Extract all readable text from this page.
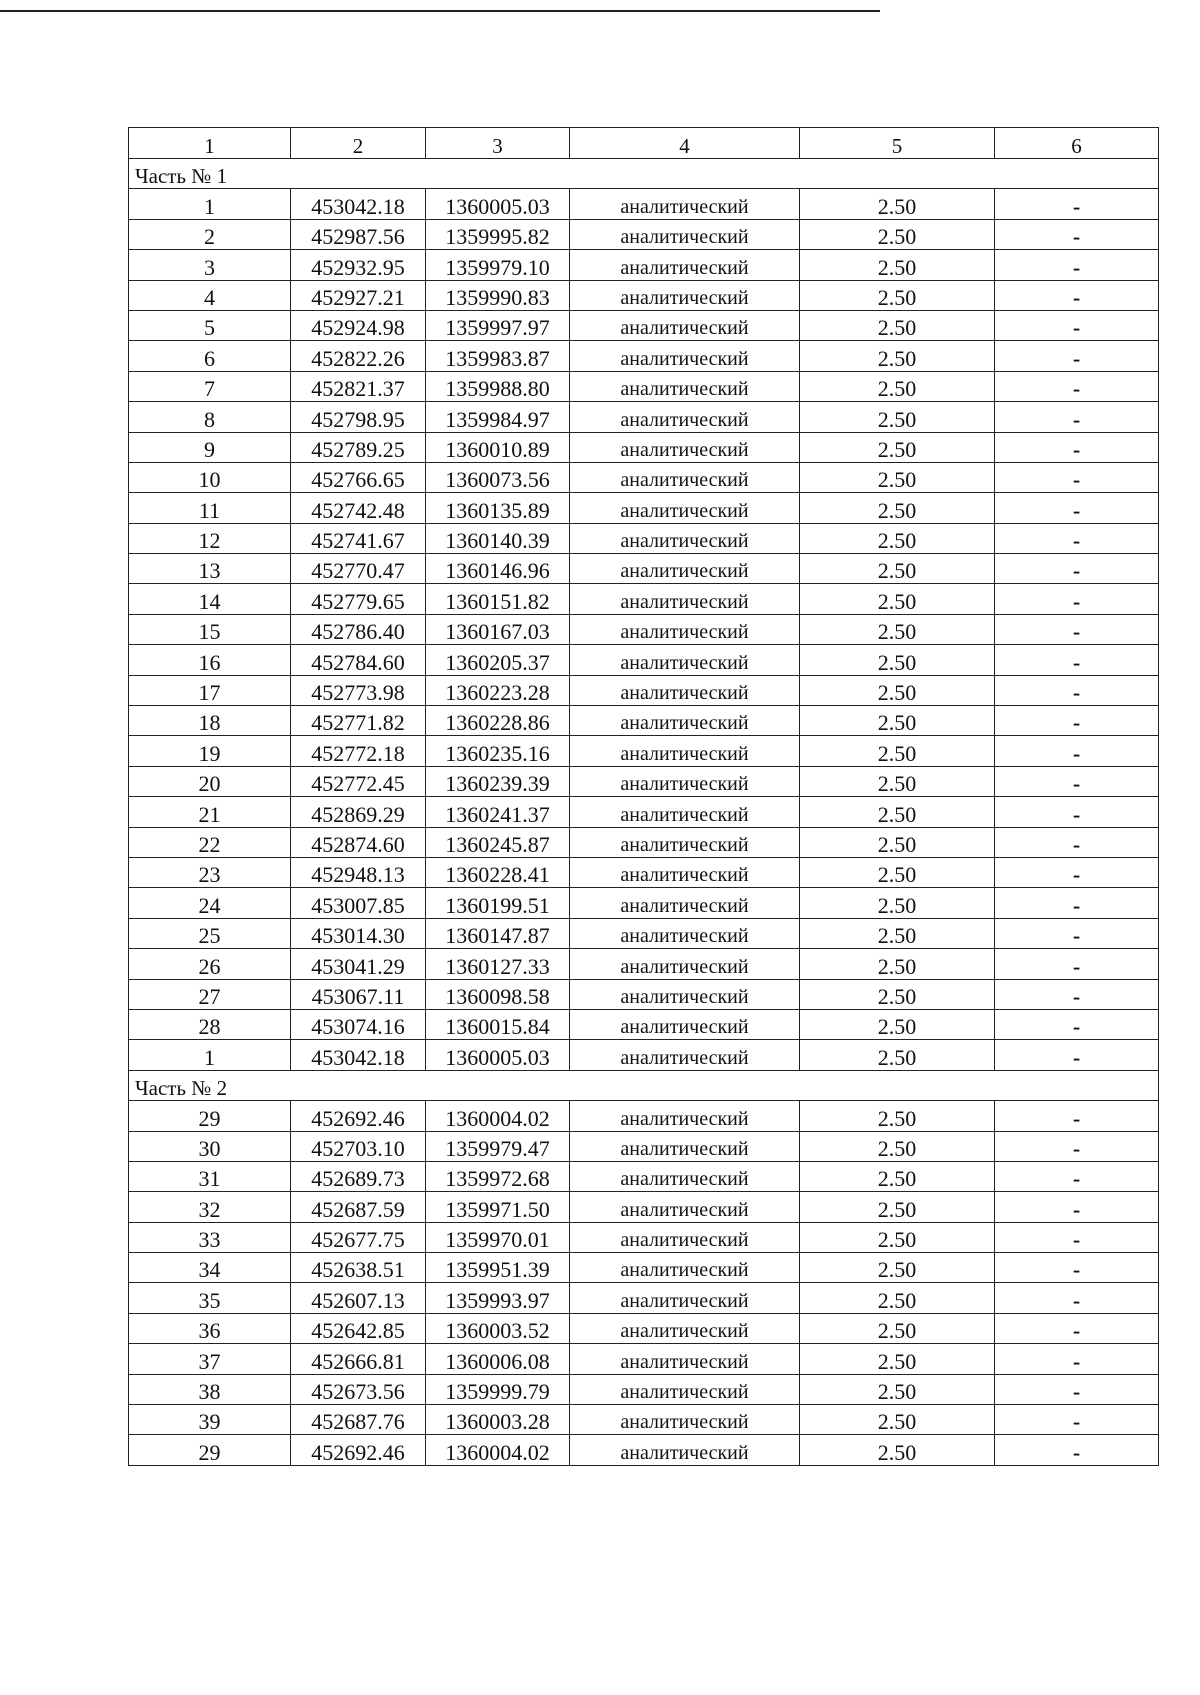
1	2	3	4	5	6
Часть № 1					
1	453042.18	1360005.03	аналитический	2.50	-
2	452987.56	1359995.82	аналитический	2.50	-
3	452932.95	1359979.10	аналитический	2.50	-
4	452927.21	1359990.83	аналитический	2.50	-
5	452924.98	1359997.97	аналитический	2.50	-
6	452822.26	1359983.87	аналитический	2.50	-
7	452821.37	1359988.80	аналитический	2.50	-
8	452798.95	1359984.97	аналитический	2.50	-
9	452789.25	1360010.89	аналитический	2.50	-
10	452766.65	1360073.56	аналитический	2.50	-
11	452742.48	1360135.89	аналитический	2.50	-
12	452741.67	1360140.39	аналитический	2.50	-
13	452770.47	1360146.96	аналитический	2.50	-
14	452779.65	1360151.82	аналитический	2.50	-
15	452786.40	1360167.03	аналитический	2.50	-
16	452784.60	1360205.37	аналитический	2.50	-
17	452773.98	1360223.28	аналитический	2.50	-
18	452771.82	1360228.86	аналитический	2.50	-
19	452772.18	1360235.16	аналитический	2.50	-
20	452772.45	1360239.39	аналитический	2.50	-
21	452869.29	1360241.37	аналитический	2.50	-
22	452874.60	1360245.87	аналитический	2.50	-
23	452948.13	1360228.41	аналитический	2.50	-
24	453007.85	1360199.51	аналитический	2.50	-
25	453014.30	1360147.87	аналитический	2.50	-
26	453041.29	1360127.33	аналитический	2.50	-
27	453067.11	1360098.58	аналитический	2.50	-
28	453074.16	1360015.84	аналитический	2.50	-
1	453042.18	1360005.03	аналитический	2.50	-
Часть № 2					
29	452692.46	1360004.02	аналитический	2.50	-
30	452703.10	1359979.47	аналитический	2.50	-
31	452689.73	1359972.68	аналитический	2.50	-
32	452687.59	1359971.50	аналитический	2.50	-
33	452677.75	1359970.01	аналитический	2.50	-
34	452638.51	1359951.39	аналитический	2.50	-
35	452607.13	1359993.97	аналитический	2.50	-
36	452642.85	1360003.52	аналитический	2.50	-
37	452666.81	1360006.08	аналитический	2.50	-
38	452673.56	1359999.79	аналитический	2.50	-
39	452687.76	1360003.28	аналитический	2.50	-
29	452692.46	1360004.02	аналитический	2.50	-
